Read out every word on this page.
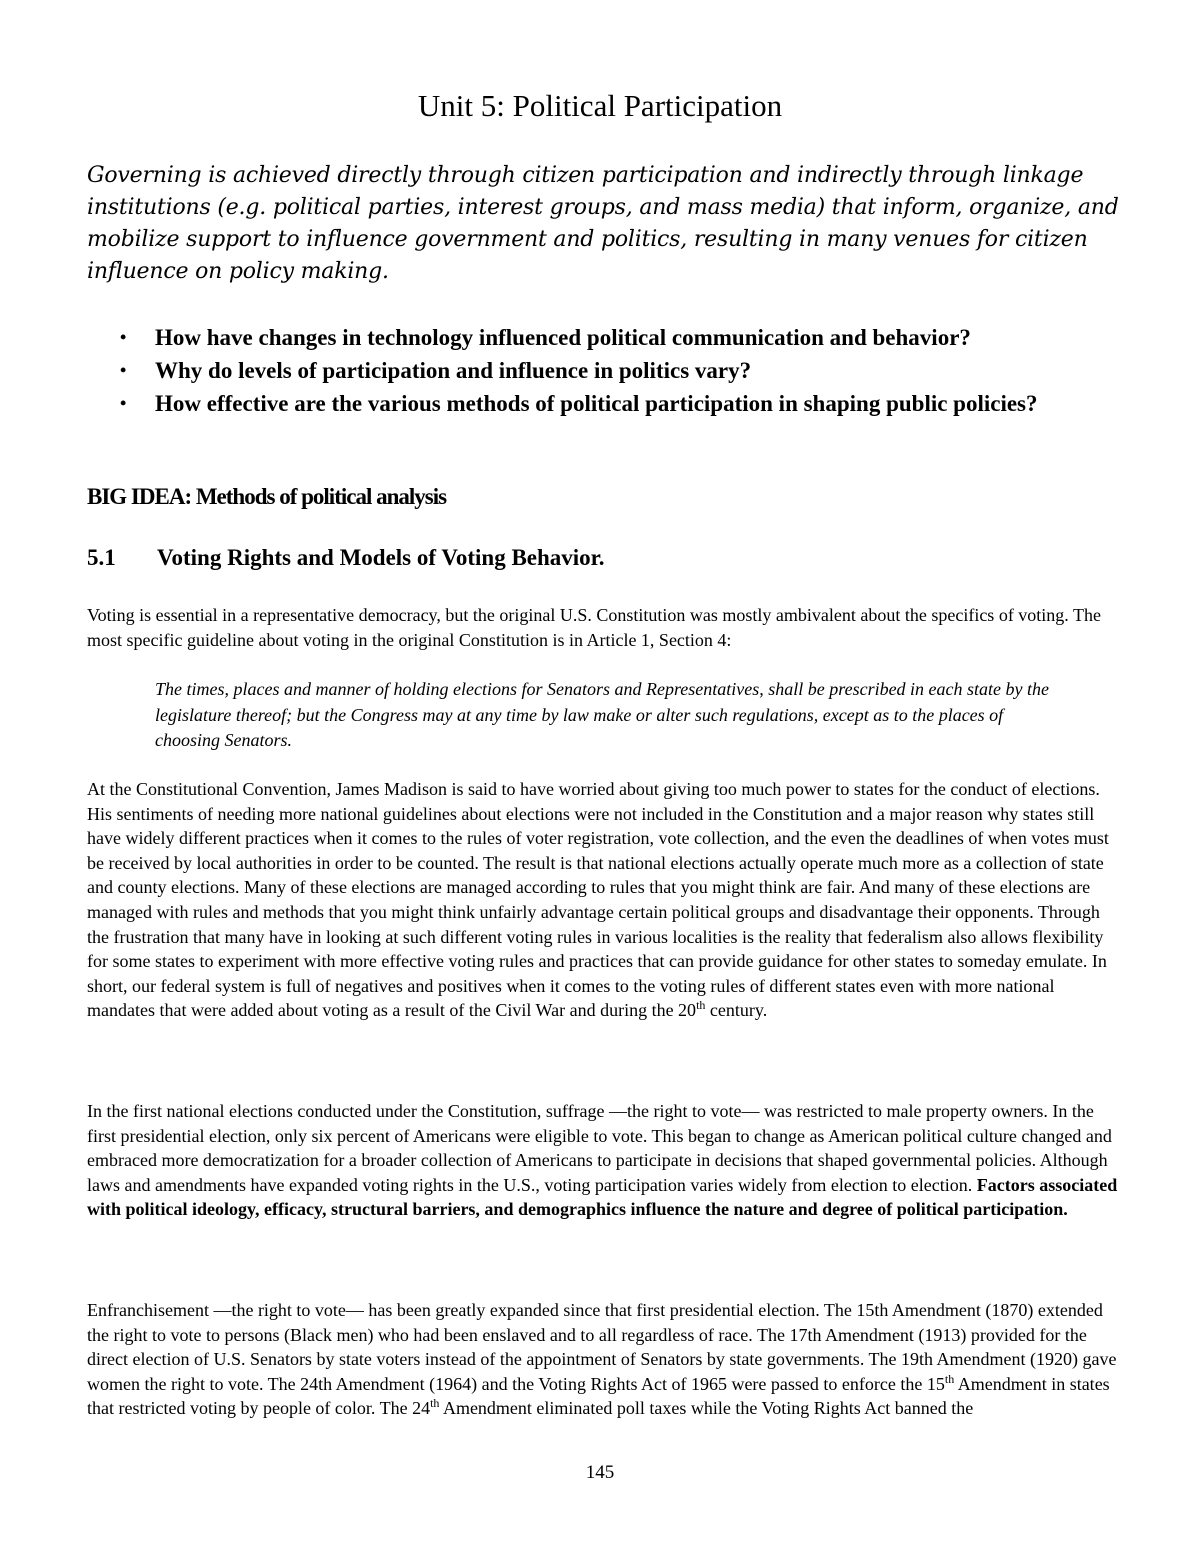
Unit 5: Political Participation

Governing is achieved directly through citizen participation and indirectly through linkage institutions (e.g. political parties, interest groups, and mass media) that inform, organize, and mobilize support to influence government and politics, resulting in many venues for citizen influence on policy making.

• How have changes in technology influenced political communication and behavior?
• Why do levels of participation and influence in politics vary?
• How effective are the various methods of political participation in shaping public policies?
BIG IDEA: Methods of political analysis
5.1 Voting Rights and Models of Voting Behavior.

Voting is essential in a representative democracy, but the original U.S. Constitution was mostly ambivalent about the specifics of voting. The most specific guideline about voting in the original Constitution is in Article 1, Section 4:

The times, places and manner of holding elections for Senators and Representatives, shall be prescribed in each state by the legislature thereof; but the Congress may at any time by law make or alter such regulations, except as to the places of choosing Senators.

At the Constitutional Convention, James Madison is said to have worried about giving too much power to states for the conduct of elections. His sentiments of needing more national guidelines about elections were not included in the Constitution and a major reason why states still have widely different practices when it comes to the rules of voter registration, vote collection, and the even the deadlines of when votes must be received by local authorities in order to be counted. The result is that national elections actually operate much more as a collection of state and county elections. Many of these elections are managed according to rules that you might think are fair. And many of these elections are managed with rules and methods that you might think unfairly advantage certain political groups and disadvantage their opponents. Through the frustration that many have in looking at such different voting rules in various localities is the reality that federalism also allows flexibility for some states to experiment with more effective voting rules and practices that can provide guidance for other states to someday emulate. In short, our federal system is full of negatives and positives when it comes to the voting rules of different states even with more national mandates that were added about voting as a result of the Civil War and during the 20th century.

In the first national elections conducted under the Constitution, suffrage —the right to vote— was restricted to male property owners. In the first presidential election, only six percent of Americans were eligible to vote. This began to change as American political culture changed and embraced more democratization for a broader collection of Americans to participate in decisions that shaped governmental policies. Although laws and amendments have expanded voting rights in the U.S., voting participation varies widely from election to election. Factors associated with political ideology, efficacy, structural barriers, and demographics influence the nature and degree of political participation.

Enfranchisement —the right to vote— has been greatly expanded since that first presidential election. The 15th Amendment (1870) extended the right to vote to persons (Black men) who had been enslaved and to all regardless of race. The 17th Amendment (1913) provided for the direct election of U.S. Senators by state voters instead of the appointment of Senators by state governments. The 19th Amendment (1920) gave women the right to vote. The 24th Amendment (1964) and the Voting Rights Act of 1965 were passed to enforce the 15th Amendment in states that restricted voting by people of color. The 24th Amendment eliminated poll taxes while the Voting Rights Act banned the

145
